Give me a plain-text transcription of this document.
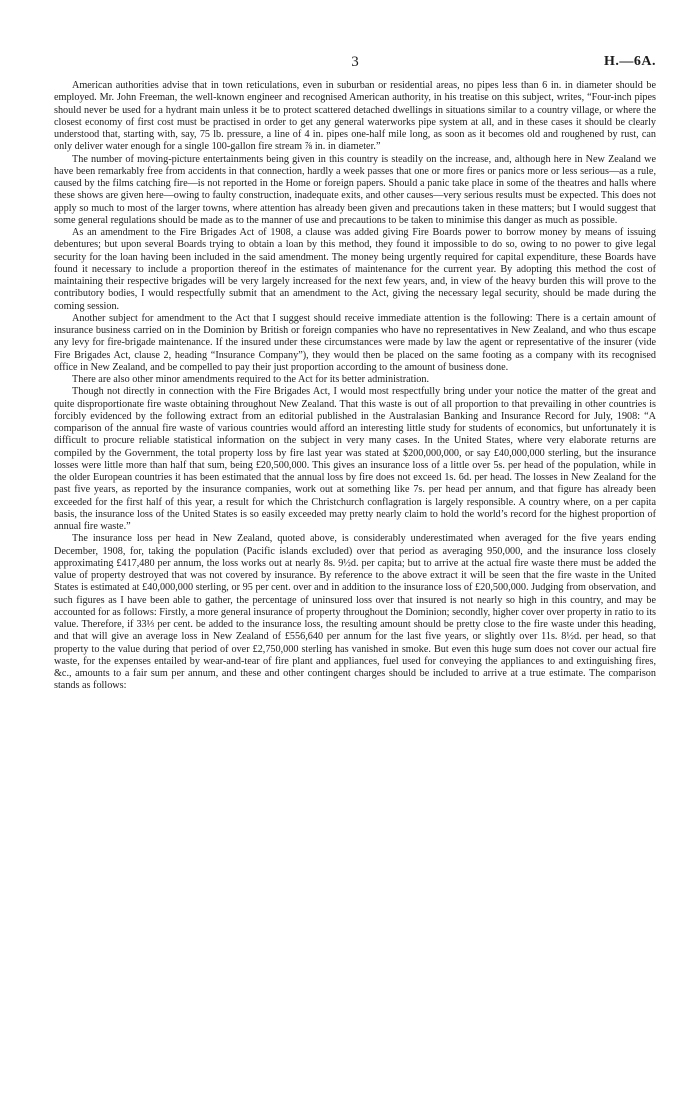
3	H.—6A.

American authorities advise that in town reticulations, even in suburban or residential areas, no pipes less than 6 in. in diameter should be employed. Mr. John Freeman, the well-known engineer and recognised American authority, in his treatise on this subject, writes, “Four-inch pipes should never be used for a hydrant main unless it be to protect scattered detached dwellings in situations similar to a country village, or where the closest economy of first cost must be practised in order to get any general waterworks pipe system at all, and in these cases it should be clearly understood that, starting with, say, 75 lb. pressure, a line of 4 in. pipes one-half mile long, as soon as it becomes old and roughened by rust, can only deliver water enough for a single 100-gallon fire stream ⅞ in. in diameter.”

The number of moving-picture entertainments being given in this country is steadily on the increase, and, although here in New Zealand we have been remarkably free from accidents in that connection, hardly a week passes that one or more fires or panics more or less serious—as a rule, caused by the films catching fire—is not reported in the Home or foreign papers. Should a panic take place in some of the theatres and halls where these shows are given here—owing to faulty construction, inadequate exits, and other causes—very serious results must be expected. This does not apply so much to most of the larger towns, where attention has already been given and precautions taken in these matters; but I would suggest that some general regulations should be made as to the manner of use and precautions to be taken to minimise this danger as much as possible.

As an amendment to the Fire Brigades Act of 1908, a clause was added giving Fire Boards power to borrow money by means of issuing debentures; but upon several Boards trying to obtain a loan by this method, they found it impossible to do so, owing to no power to give legal security for the loan having been included in the said amendment. The money being urgently required for capital expenditure, these Boards have found it necessary to include a proportion thereof in the estimates of maintenance for the current year. By adopting this method the cost of maintaining their respective brigades will be very largely increased for the next few years, and, in view of the heavy burden this will prove to the contributory bodies, I would respectfully submit that an amendment to the Act, giving the necessary legal security, should be made during the coming session.

Another subject for amendment to the Act that I suggest should receive immediate attention is the following: There is a certain amount of insurance business carried on in the Dominion by British or foreign companies who have no representatives in New Zealand, and who thus escape any levy for fire-brigade maintenance. If the insured under these circumstances were made by law the agent or representative of the insurer (vide Fire Brigades Act, clause 2, heading “Insurance Company”), they would then be placed on the same footing as a company with its recognised office in New Zealand, and be compelled to pay their just proportion according to the amount of business done.

There are also other minor amendments required to the Act for its better administration.

Though not directly in connection with the Fire Brigades Act, I would most respectfully bring under your notice the matter of the great and quite disproportionate fire waste obtaining throughout New Zealand. That this waste is out of all proportion to that prevailing in other countries is forcibly evidenced by the following extract from an editorial published in the Australasian Banking and Insurance Record for July, 1908: “A comparison of the annual fire waste of various countries would afford an interesting little study for students of economics, but unfortunately it is difficult to procure reliable statistical information on the subject in very many cases. In the United States, where very elaborate returns are compiled by the Government, the total property loss by fire last year was stated at $200,000,000, or say £40,000,000 sterling, but the insurance losses were little more than half that sum, being £20,500,000. This gives an insurance loss of a little over 5s. per head of the population, while in the older European countries it has been estimated that the annual loss by fire does not exceed 1s. 6d. per head. The losses in New Zealand for the past five years, as reported by the insurance companies, work out at something like 7s. per head per annum, and that figure has already been exceeded for the first half of this year, a result for which the Christchurch conflagration is largely responsible. A country where, on a per capita basis, the insurance loss of the United States is so easily exceeded may pretty nearly claim to hold the world’s record for the highest proportion of annual fire waste.”

The insurance loss per head in New Zealand, quoted above, is considerably underestimated when averaged for the five years ending December, 1908, for, taking the population (Pacific islands excluded) over that period as averaging 950,000, and the insurance loss closely approximating £417,480 per annum, the loss works out at nearly 8s. 9½d. per capita; but to arrive at the actual fire waste there must be added the value of property destroyed that was not covered by insurance. By reference to the above extract it will be seen that the fire waste in the United States is estimated at £40,000,000 sterling, or 95 per cent. over and in addition to the insurance loss of £20,500,000. Judging from observation, and such figures as I have been able to gather, the percentage of uninsured loss over that insured is not nearly so high in this country, and may be accounted for as follows: Firstly, a more general insurance of property throughout the Dominion; secondly, higher cover over property in ratio to its value. Therefore, if 33⅓ per cent. be added to the insurance loss, the resulting amount should be pretty close to the fire waste under this heading, and that will give an average loss in New Zealand of £556,640 per annum for the last five years, or slightly over 11s. 8½d. per head, so that property to the value during that period of over £2,750,000 sterling has vanished in smoke. But even this huge sum does not cover our actual fire waste, for the expenses entailed by wear-and-tear of fire plant and appliances, fuel used for conveying the appliances to and extinguishing fires, &c., amounts to a fair sum per annum, and these and other contingent charges should be included to arrive at a true estimate. The comparison stands as follows:
